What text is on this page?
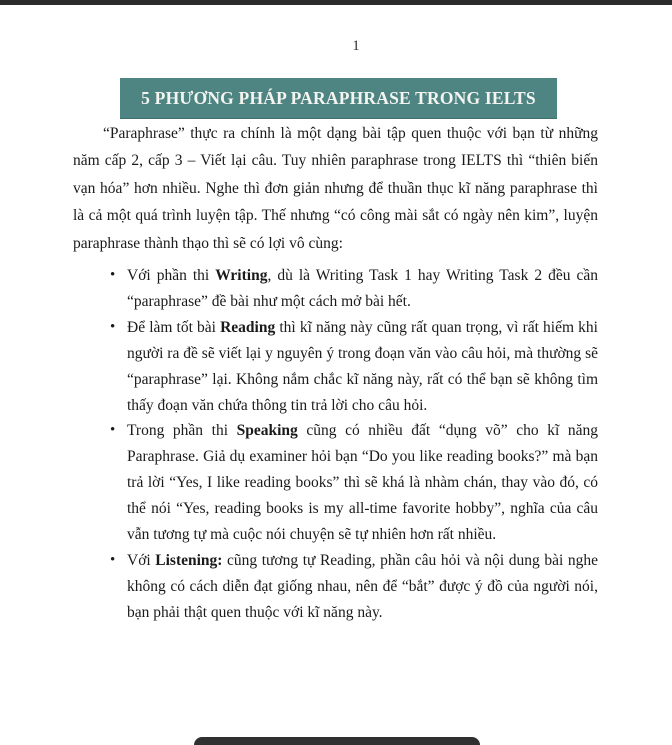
1
5 PHƯƠNG PHÁP PARAPHRASE TRONG IELTS

“Paraphrase” thực ra chính là một dạng bài tập quen thuộc với bạn từ những năm cấp 2, cấp 3 – Viết lại câu. Tuy nhiên paraphrase trong IELTS thì “thiên biến vạn hóa” hơn nhiều. Nghe thì đơn giản nhưng để thuần thục kĩ năng paraphrase thì là cả một quá trình luyện tập. Thế nhưng “có công mài sắt có ngày nên kim”, luyện paraphrase thành thạo thì sẽ có lợi vô cùng:

• Với phần thi Writing, dù là Writing Task 1 hay Writing Task 2 đều cần “paraphrase” đề bài như một cách mở bài hết.
• Để làm tốt bài Reading thì kĩ năng này cũng rất quan trọng, vì rất hiếm khi người ra đề sẽ viết lại y nguyên ý trong đoạn văn vào câu hỏi, mà thường sẽ “paraphrase” lại. Không nắm chắc kĩ năng này, rất có thể bạn sẽ không tìm thấy đoạn văn chứa thông tin trả lời cho câu hỏi.
• Trong phần thi Speaking cũng có nhiều đất “dụng võ” cho kĩ năng Paraphrase. Giả dụ examiner hỏi bạn “Do you like reading books?” mà bạn trả lời “Yes, I like reading books” thì sẽ khá là nhàm chán, thay vào đó, có thể nói “Yes, reading books is my all-time favorite hobby”, nghĩa của câu vẫn tương tự mà cuộc nói chuyện sẽ tự nhiên hơn rất nhiều.
• Với Listening: cũng tương tự Reading, phần câu hỏi và nội dung bài nghe không có cách diễn đạt giống nhau, nên để “bắt” được ý đồ của người nói, bạn phải thật quen thuộc với kĩ năng này.
